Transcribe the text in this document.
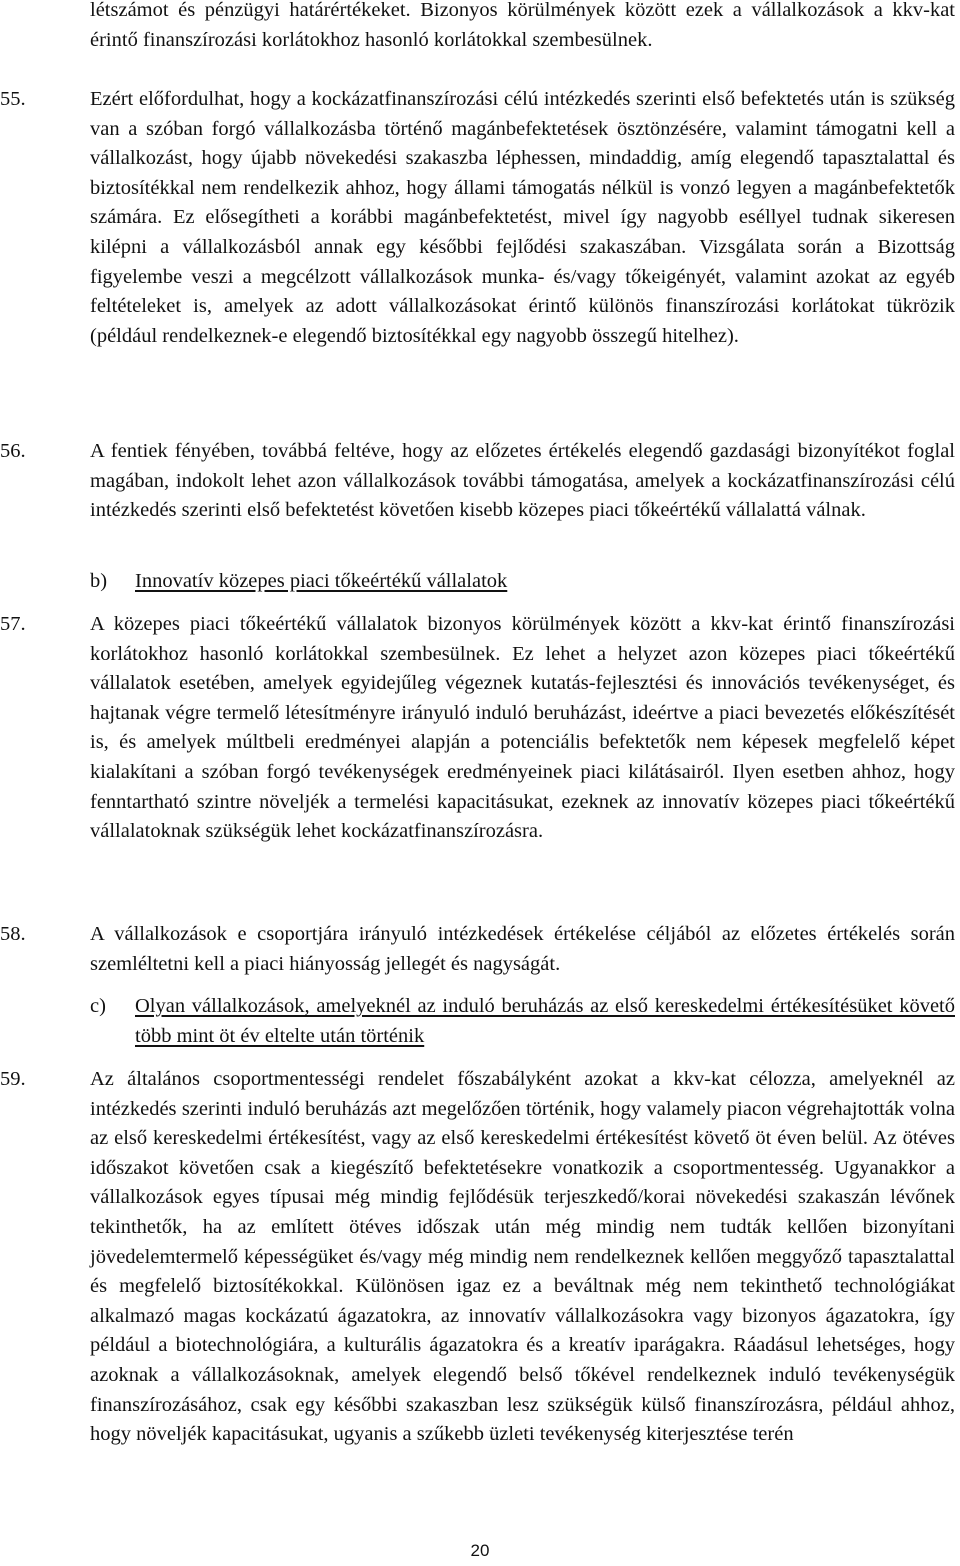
létszámot és pénzügyi határértékeket. Bizonyos körülmények között ezek a vállalkozások a kkv-kat érintő finanszírozási korlátokhoz hasonló korlátokkal szembesülnek.

55.	Ezért előfordulhat, hogy a kockázatfinanszírozási célú intézkedés szerinti első befektetés után is szükség van a szóban forgó vállalkozásba történő magánbefektetések ösztönzésére, valamint támogatni kell a vállalkozást, hogy újabb növekedési szakaszba léphessen, mindaddig, amíg elegendő tapasztalattal és biztosítékkal nem rendelkezik ahhoz, hogy állami támogatás nélkül is vonzó legyen a magánbefektetők számára. Ez elősegítheti a korábbi magánbefektetést, mivel így nagyobb eséllyel tudnak sikeresen kilépni a vállalkozásból annak egy későbbi fejlődési szakaszában. Vizsgálata során a Bizottság figyelembe veszi a megcélzott vállalkozások munka- és/vagy tőkeigényét, valamint azokat az egyéb feltételeket is, amelyek az adott vállalkozásokat érintő különös finanszírozási korlátokat tükrözik (például rendelkeznek-e elegendő biztosítékkal egy nagyobb összegű hitelhez).

56.	A fentiek fényében, továbbá feltéve, hogy az előzetes értékelés elegendő gazdasági bizonyítékot foglal magában, indokolt lehet azon vállalkozások további támogatása, amelyek a kockázatfinanszírozási célú intézkedés szerinti első befektetést követően kisebb közepes piaci tőkeértékű vállalattá válnak.

b) Innovatív közepes piaci tőkeértékű vállalatok
57.	A közepes piaci tőkeértékű vállalatok bizonyos körülmények között a kkv-kat érintő finanszírozási korlátokhoz hasonló korlátokkal szembesülnek. Ez lehet a helyzet azon közepes piaci tőkeértékű vállalatok esetében, amelyek egyidejűleg végeznek kutatás-fejlesztési és innovációs tevékenységet, és hajtanak végre termelő létesítményre irányuló induló beruházást, ideértve a piaci bevezetés előkészítését is, és amelyek múltbeli eredményei alapján a potenciális befektetők nem képesek megfelelő képet kialakítani a szóban forgó tevékenységek eredményeinek piaci kilátásairól. Ilyen esetben ahhoz, hogy fenntartható szintre növeljék a termelési kapacitásukat, ezeknek az innovatív közepes piaci tőkeértékű vállalatoknak szükségük lehet kockázatfinanszírozásra.

58.	A vállalkozások e csoportjára irányuló intézkedések értékelése céljából az előzetes értékelés során szemléltetni kell a piaci hiányosság jellegét és nagyságát.

c) Olyan vállalkozások, amelyeknél az induló beruházás az első kereskedelmi értékesítésüket követő több mint öt év eltelte után történik
59.	Az általános csoportmentességi rendelet főszabályként azokat a kkv-kat célozza, amelyeknél az intézkedés szerinti induló beruházás azt megelőzően történik, hogy valamely piacon végrehajtották volna az első kereskedelmi értékesítést, vagy az első kereskedelmi értékesítést követő öt éven belül. Az ötéves időszakot követően csak a kiegészítő befektetésekre vonatkozik a csoportmentesség. Ugyanakkor a vállalkozások egyes típusai még mindig fejlődésük terjeszkedő/korai növekedési szakaszán lévőnek tekinthetők, ha az említett ötéves időszak után még mindig nem tudták kellően bizonyítani jövedelemtermelő képességüket és/vagy még mindig nem rendelkeznek kellően meggyőző tapasztalattal és megfelelő biztosítékokkal. Különösen igaz ez a beváltnak még nem tekinthető technológiákat alkalmazó magas kockázatú ágazatokra, az innovatív vállalkozásokra vagy bizonyos ágazatokra, így például a biotechnológiára, a kulturális ágazatokra és a kreatív iparágakra. Ráadásul lehetséges, hogy azoknak a vállalkozásoknak, amelyek elegendő belső tőkével rendelkeznek induló tevékenységük finanszírozásához, csak egy későbbi szakaszban lesz szükségük külső finanszírozásra, például ahhoz, hogy növeljék kapacitásukat, ugyanis a szűkebb üzleti tevékenység kiterjesztése terén

20
